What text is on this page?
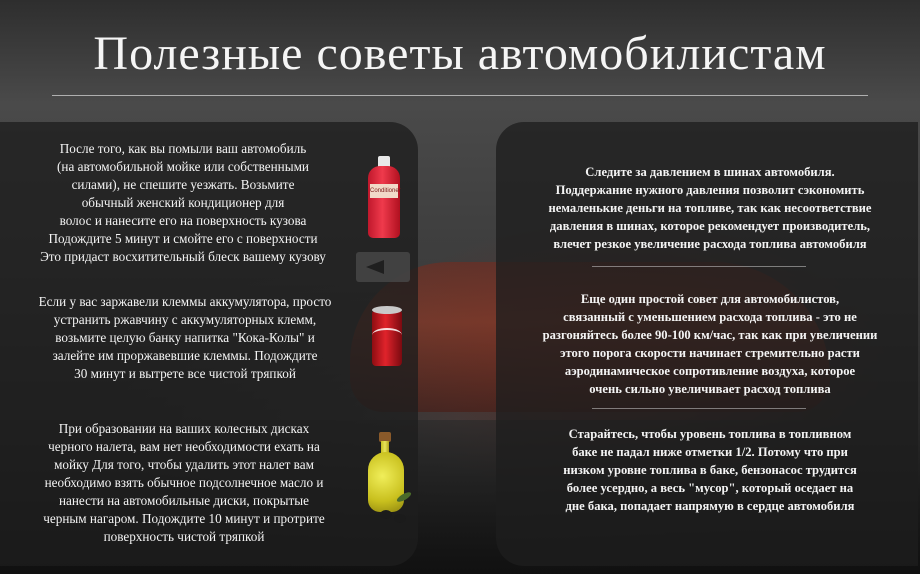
Полезные советы автомобилистам
После того, как вы помыли ваш автомобиль
(на автомобильной мойке или собственными
силами), не спешите уезжать. Возьмите
обычный женский кондиционер для
волос и нанесите его на поверхность кузова
Подождите 5 минут и смойте его с поверхности
Это придаст восхитительный блеск вашему кузову
Если у вас заржавели клеммы аккумулятора, просто
устранить ржавчину с аккумуляторных клемм,
возьмите целую банку напитка "Кока-Колы" и
залейте им проржавевшие клеммы. Подождите
30 минут и вытрете все чистой тряпкой
При образовании на ваших колесных дисках
черного налета, вам нет необходимости ехать на
мойку Для того, чтобы удалить этот налет вам
необходимо взять обычное подсолнечное масло и
нанести на автомобильные диски, покрытые
черным нагаром. Подождите 10 минут и протрите
поверхность чистой тряпкой
Следите за давлением в шинах автомобиля.
Поддержание нужного давления позволит сэкономить
немаленькие деньги на топливе, так как несоответствие
давления в шинах, которое рекомендует производитель,
влечет резкое увеличение расхода топлива автомобиля
Еще один простой совет для автомобилистов,
связанный с уменьшением расхода топлива - это не
разгоняйтесь более 90-100 км/час, так как при увеличении
этого порога скорости начинает стремительно расти
аэродинамическое сопротивление воздуха, которое
очень сильно увеличивает расход топлива
Старайтесь, чтобы уровень топлива в топливном
баке не падал ниже отметки 1/2. Потому что при
низком уровне топлива в баке, бензонасос трудится
более усердно, а весь "мусор", который оседает на
дне бака, попадает напрямую в сердце автомобиля
Conditioner
